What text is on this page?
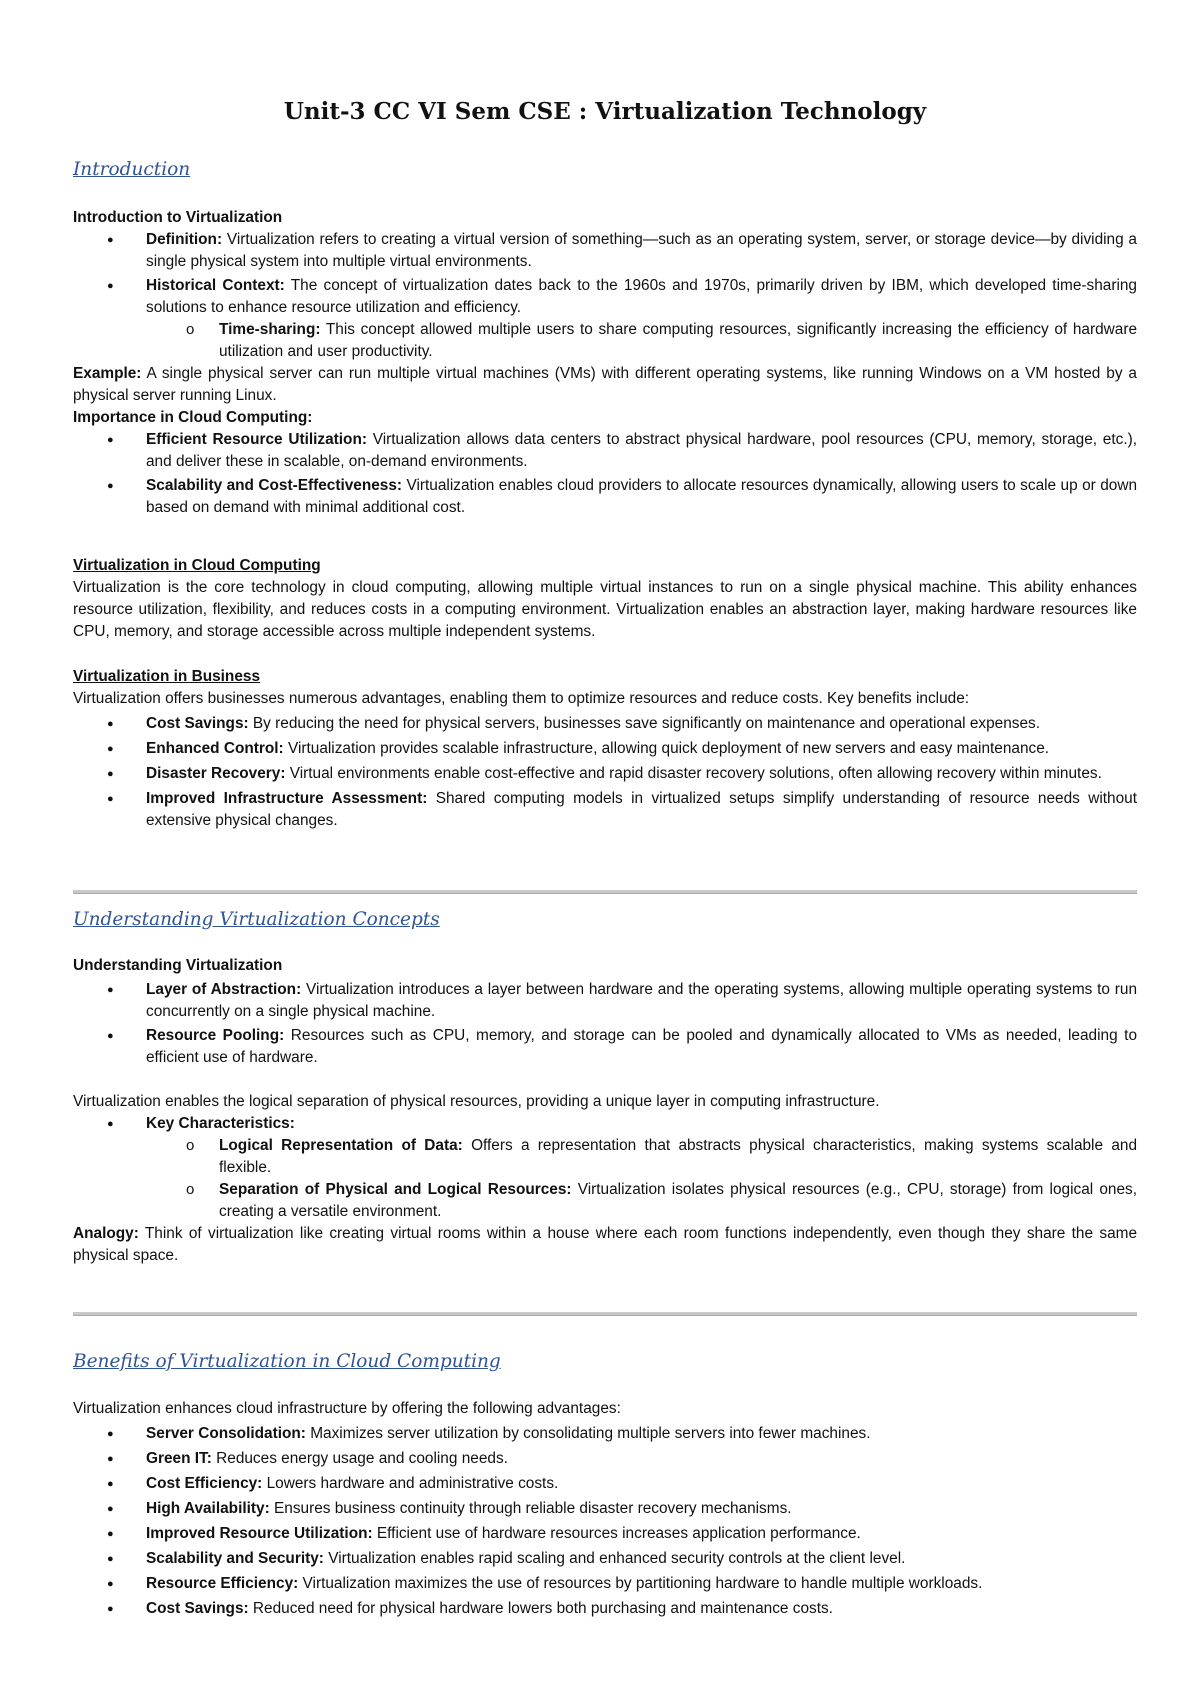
Unit-3 CC VI Sem CSE : Virtualization Technology
Introduction

Introduction to Virtualization

● Definition: Virtualization refers to creating a virtual version of something—such as an operating system, server, or storage device—by dividing a single physical system into multiple virtual environments.
● Historical Context: The concept of virtualization dates back to the 1960s and 1970s, primarily driven by IBM, which developed time-sharing solutions to enhance resource utilization and efficiency.
o Time-sharing: This concept allowed multiple users to share computing resources, significantly increasing the efficiency of hardware utilization and user productivity.

Example: A single physical server can run multiple virtual machines (VMs) with different operating systems, like running Windows on a VM hosted by a physical server running Linux.

Importance in Cloud Computing:

● Efficient Resource Utilization: Virtualization allows data centers to abstract physical hardware, pool resources (CPU, memory, storage, etc.), and deliver these in scalable, on-demand environments.
● Scalability and Cost-Effectiveness: Virtualization enables cloud providers to allocate resources dynamically, allowing users to scale up or down based on demand with minimal additional cost.

Virtualization in Cloud Computing

Virtualization is the core technology in cloud computing, allowing multiple virtual instances to run on a single physical machine. This ability enhances resource utilization, flexibility, and reduces costs in a computing environment. Virtualization enables an abstraction layer, making hardware resources like CPU, memory, and storage accessible across multiple independent systems.

Virtualization in Business

Virtualization offers businesses numerous advantages, enabling them to optimize resources and reduce costs. Key benefits include:

● Cost Savings: By reducing the need for physical servers, businesses save significantly on maintenance and operational expenses.
● Enhanced Control: Virtualization provides scalable infrastructure, allowing quick deployment of new servers and easy maintenance.
● Disaster Recovery: Virtual environments enable cost-effective and rapid disaster recovery solutions, often allowing recovery within minutes.
● Improved Infrastructure Assessment: Shared computing models in virtualized setups simplify understanding of resource needs without extensive physical changes.
Understanding Virtualization Concepts

Understanding Virtualization

● Layer of Abstraction: Virtualization introduces a layer between hardware and the operating systems, allowing multiple operating systems to run concurrently on a single physical machine.
● Resource Pooling: Resources such as CPU, memory, and storage can be pooled and dynamically allocated to VMs as needed, leading to efficient use of hardware.

Virtualization enables the logical separation of physical resources, providing a unique layer in computing infrastructure.

● Key Characteristics:
o Logical Representation of Data: Offers a representation that abstracts physical characteristics, making systems scalable and flexible.
o Separation of Physical and Logical Resources: Virtualization isolates physical resources (e.g., CPU, storage) from logical ones, creating a versatile environment.

Analogy: Think of virtualization like creating virtual rooms within a house where each room functions independently, even though they share the same physical space.

Benefits of Virtualization in Cloud Computing

Virtualization enhances cloud infrastructure by offering the following advantages:

● Server Consolidation: Maximizes server utilization by consolidating multiple servers into fewer machines.
● Green IT: Reduces energy usage and cooling needs.
● Cost Efficiency: Lowers hardware and administrative costs.
● High Availability: Ensures business continuity through reliable disaster recovery mechanisms.
● Improved Resource Utilization: Efficient use of hardware resources increases application performance.
● Scalability and Security: Virtualization enables rapid scaling and enhanced security controls at the client level.
● Resource Efficiency: Virtualization maximizes the use of resources by partitioning hardware to handle multiple workloads.
● Cost Savings: Reduced need for physical hardware lowers both purchasing and maintenance costs.
